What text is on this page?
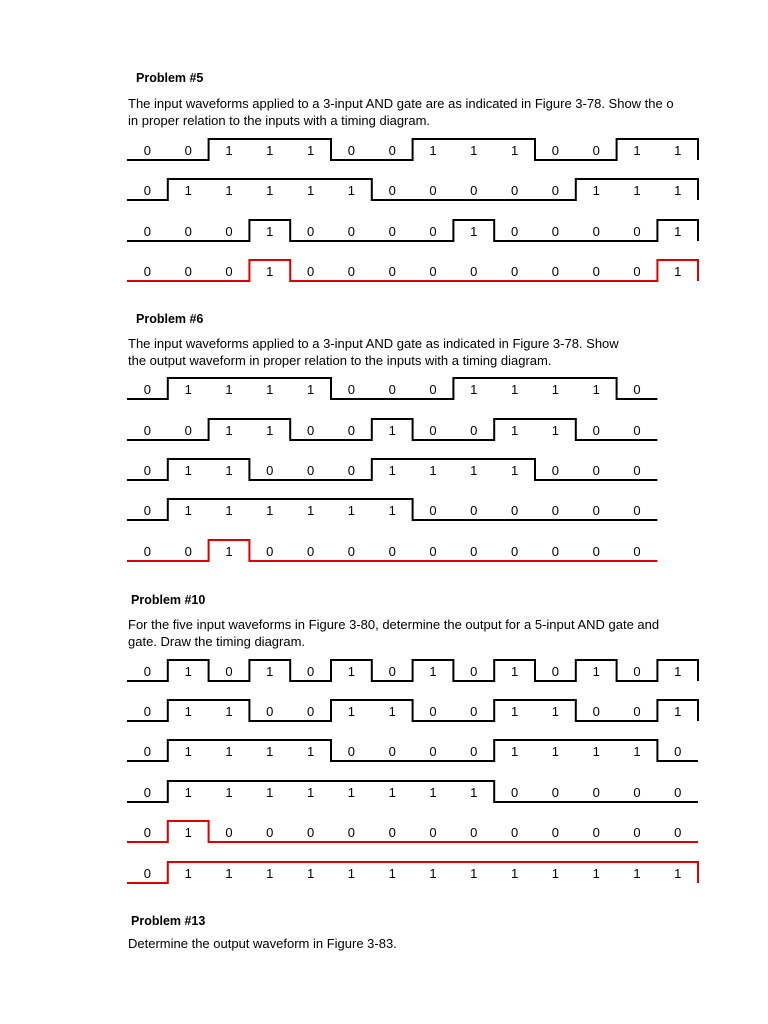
Problem #5
The input waveforms applied to a 3-input AND gate are as indicated in Figure 3-78. Show the o
in proper relation to the inputs with a timing diagram.
0	0	1	1	1	0	0	1	1	1	0	0	1	1
0	1	1	1	1	1	0	0	0	0	0	1	1	1
0	0	0	1	0	0	0	0	1	0	0	0	0	1
0	0	0	1	0	0	0	0	0	0	0	0	0	1
Problem #6
The input waveforms applied to a 3-input AND gate as indicated in Figure 3-78. Show
the output waveform in proper relation to the inputs with a timing diagram.
0	1	1	1	1	0	0	0	1	1	1	1	0
0	0	1	1	0	0	1	0	0	1	1	0	0
0	1	1	0	0	0	1	1	1	1	0	0	0
0	1	1	1	1	1	1	0	0	0	0	0	0
0	0	1	0	0	0	0	0	0	0	0	0	0
Problem #10
For the five input waveforms in Figure 3-80, determine the output for a 5-input AND gate and
gate. Draw the timing diagram.
0	1	0	1	0	1	0	1	0	1	0	1	0	1
0	1	1	0	0	1	1	0	0	1	1	0	0	1
0	1	1	1	1	0	0	0	0	1	1	1	1	0
0	1	1	1	1	1	1	1	1	0	0	0	0	0
0	1	0	0	0	0	0	0	0	0	0	0	0	0
0	1	1	1	1	1	1	1	1	1	1	1	1	1
Problem #13
Determine the output waveform in Figure 3-83.
